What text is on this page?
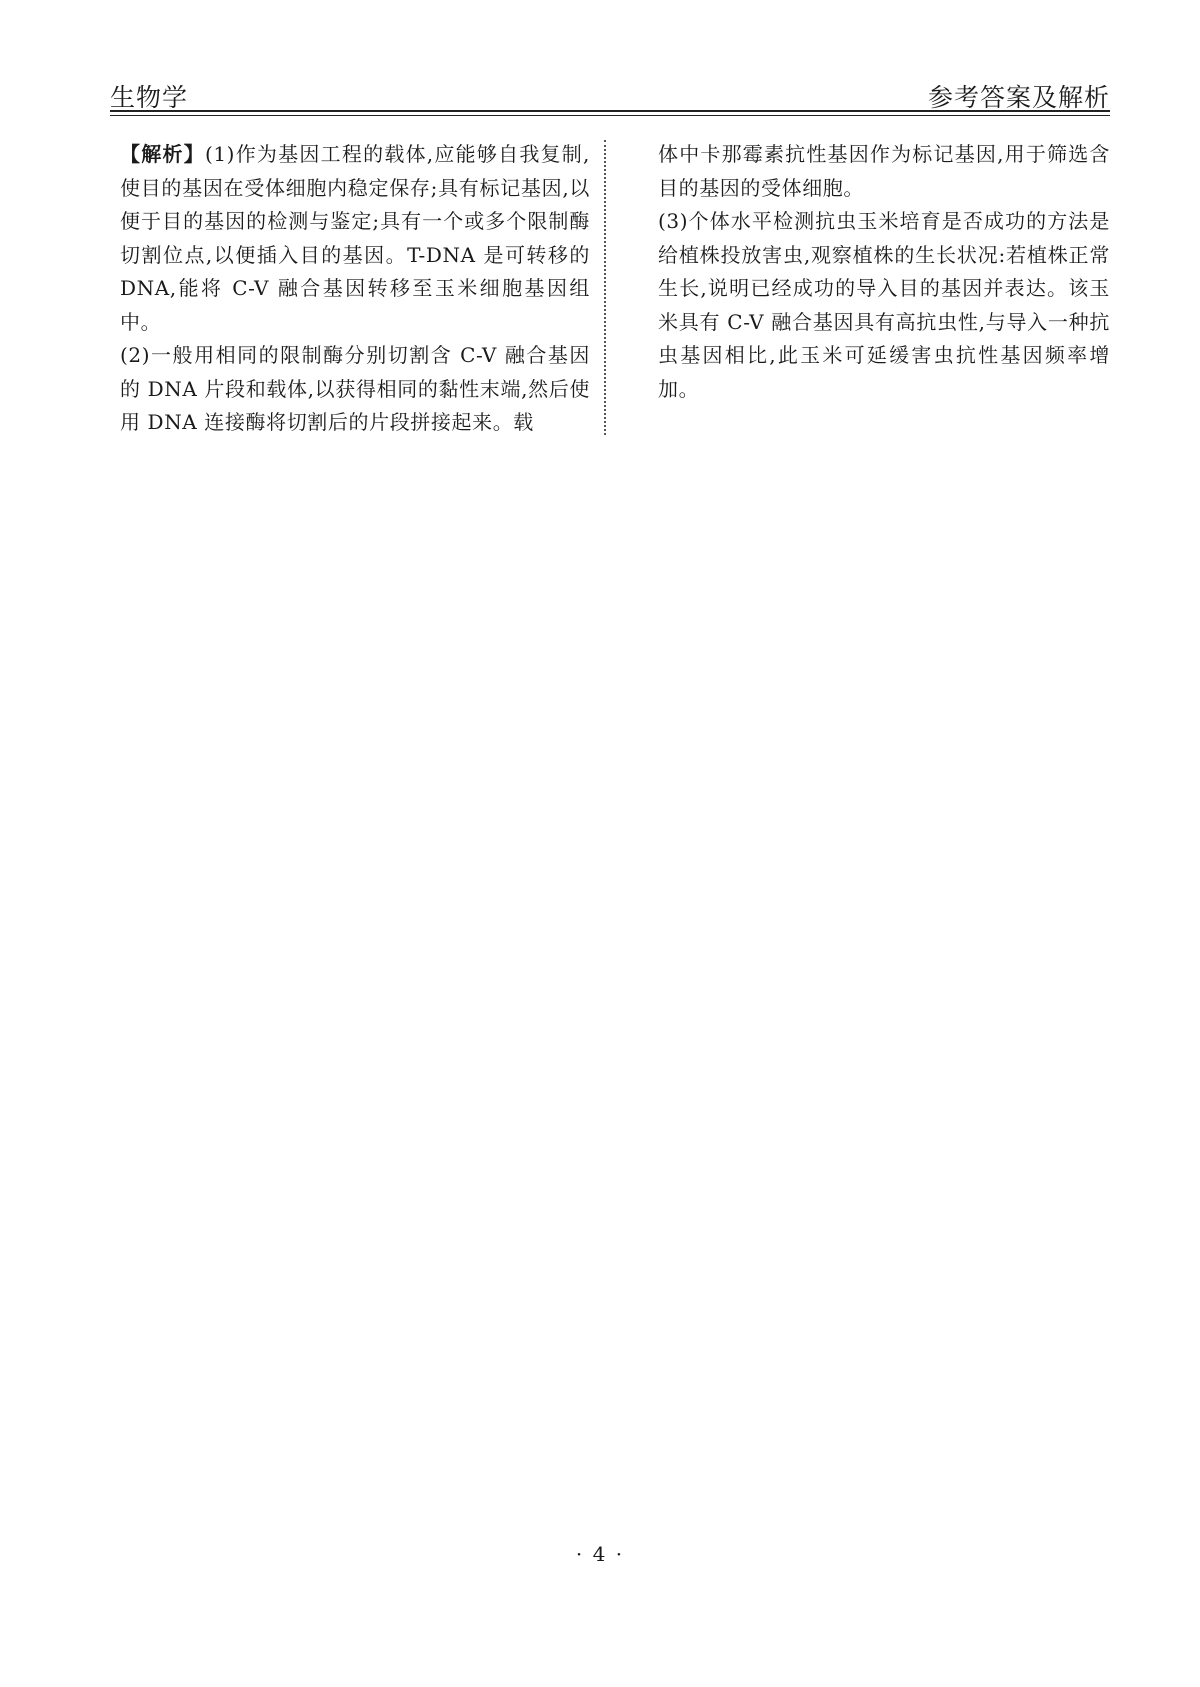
生物学	参考答案及解析

【解析】(1)作为基因工程的载体,应能够自我复制,使目的基因在受体细胞内稳定保存;具有标记基因,以便于目的基因的检测与鉴定;具有一个或多个限制酶切割位点,以便插入目的基因。T-DNA 是可转移的 DNA,能将 C-V 融合基因转移至玉米细胞基因组中。

(2)一般用相同的限制酶分别切割含 C-V 融合基因的 DNA 片段和载体,以获得相同的黏性末端,然后使用 DNA 连接酶将切割后的片段拼接起来。载

体中卡那霉素抗性基因作为标记基因,用于筛选含目的基因的受体细胞。

(3)个体水平检测抗虫玉米培育是否成功的方法是给植株投放害虫,观察植株的生长状况:若植株正常生长,说明已经成功的导入目的基因并表达。该玉米具有 C-V 融合基因具有高抗虫性,与导入一种抗虫基因相比,此玉米可延缓害虫抗性基因频率增加。

· 4 ·
